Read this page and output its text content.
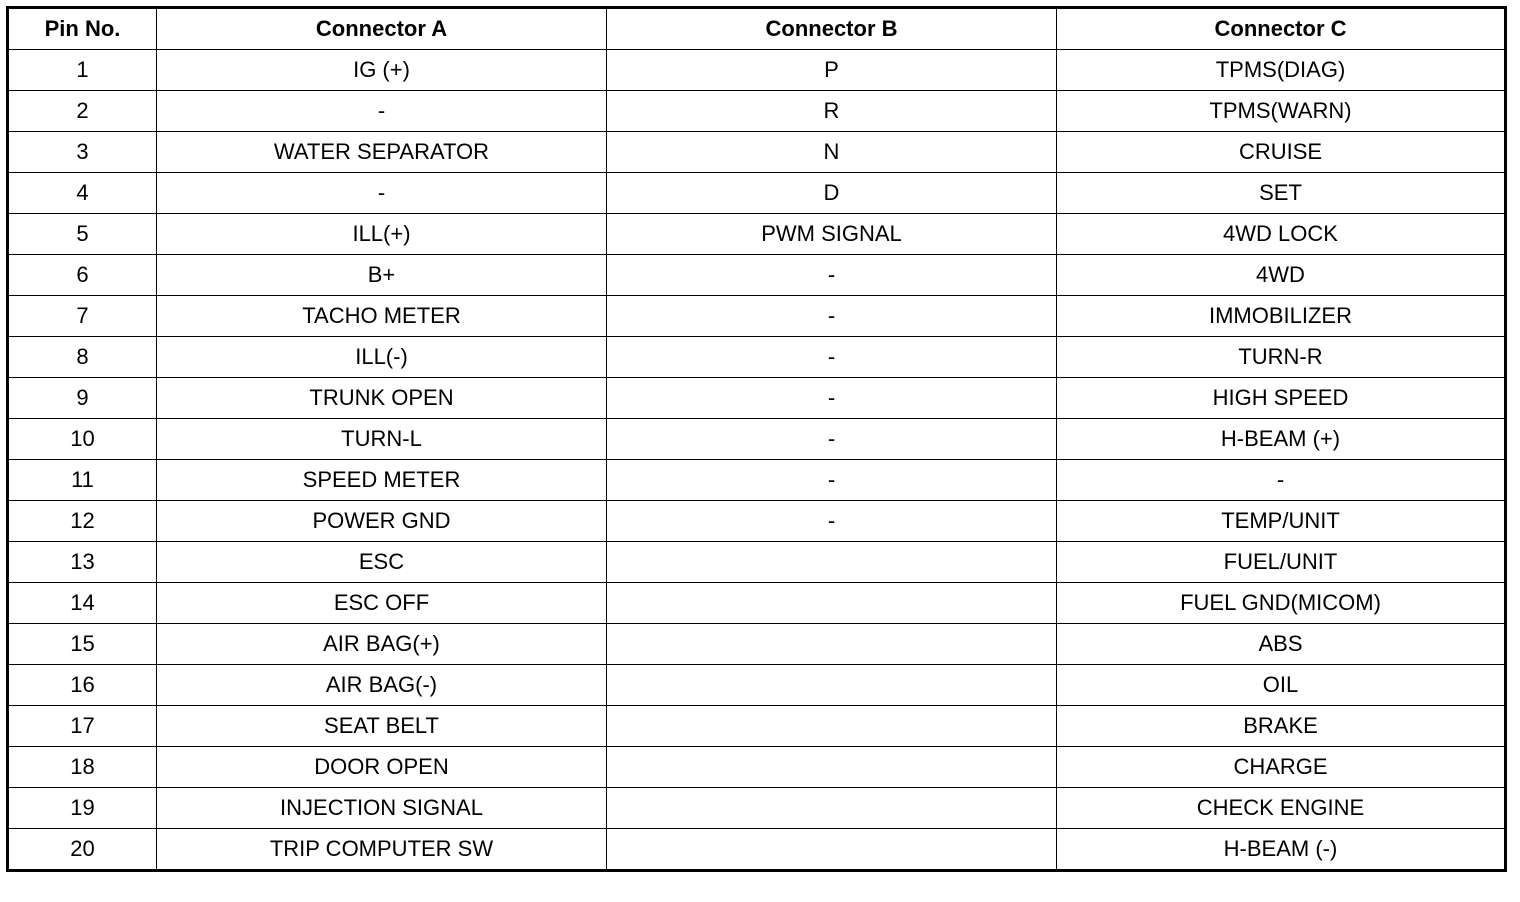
Pin No.	Connector A	Connector B	Connector C
1	IG (+)	P	TPMS(DIAG)
2	-	R	TPMS(WARN)
3	WATER SEPARATOR	N	CRUISE
4	-	D	SET
5	ILL(+)	PWM SIGNAL	4WD LOCK
6	B+	-	4WD
7	TACHO METER	-	IMMOBILIZER
8	ILL(-)	-	TURN-R
9	TRUNK OPEN	-	HIGH SPEED
10	TURN-L	-	H-BEAM (+)
11	SPEED METER	-	-
12	POWER GND	-	TEMP/UNIT
13	ESC		FUEL/UNIT
14	ESC OFF		FUEL GND(MICOM)
15	AIR BAG(+)		ABS
16	AIR BAG(-)		OIL
17	SEAT BELT		BRAKE
18	DOOR OPEN		CHARGE
19	INJECTION SIGNAL		CHECK ENGINE
20	TRIP COMPUTER SW		H-BEAM (-)
